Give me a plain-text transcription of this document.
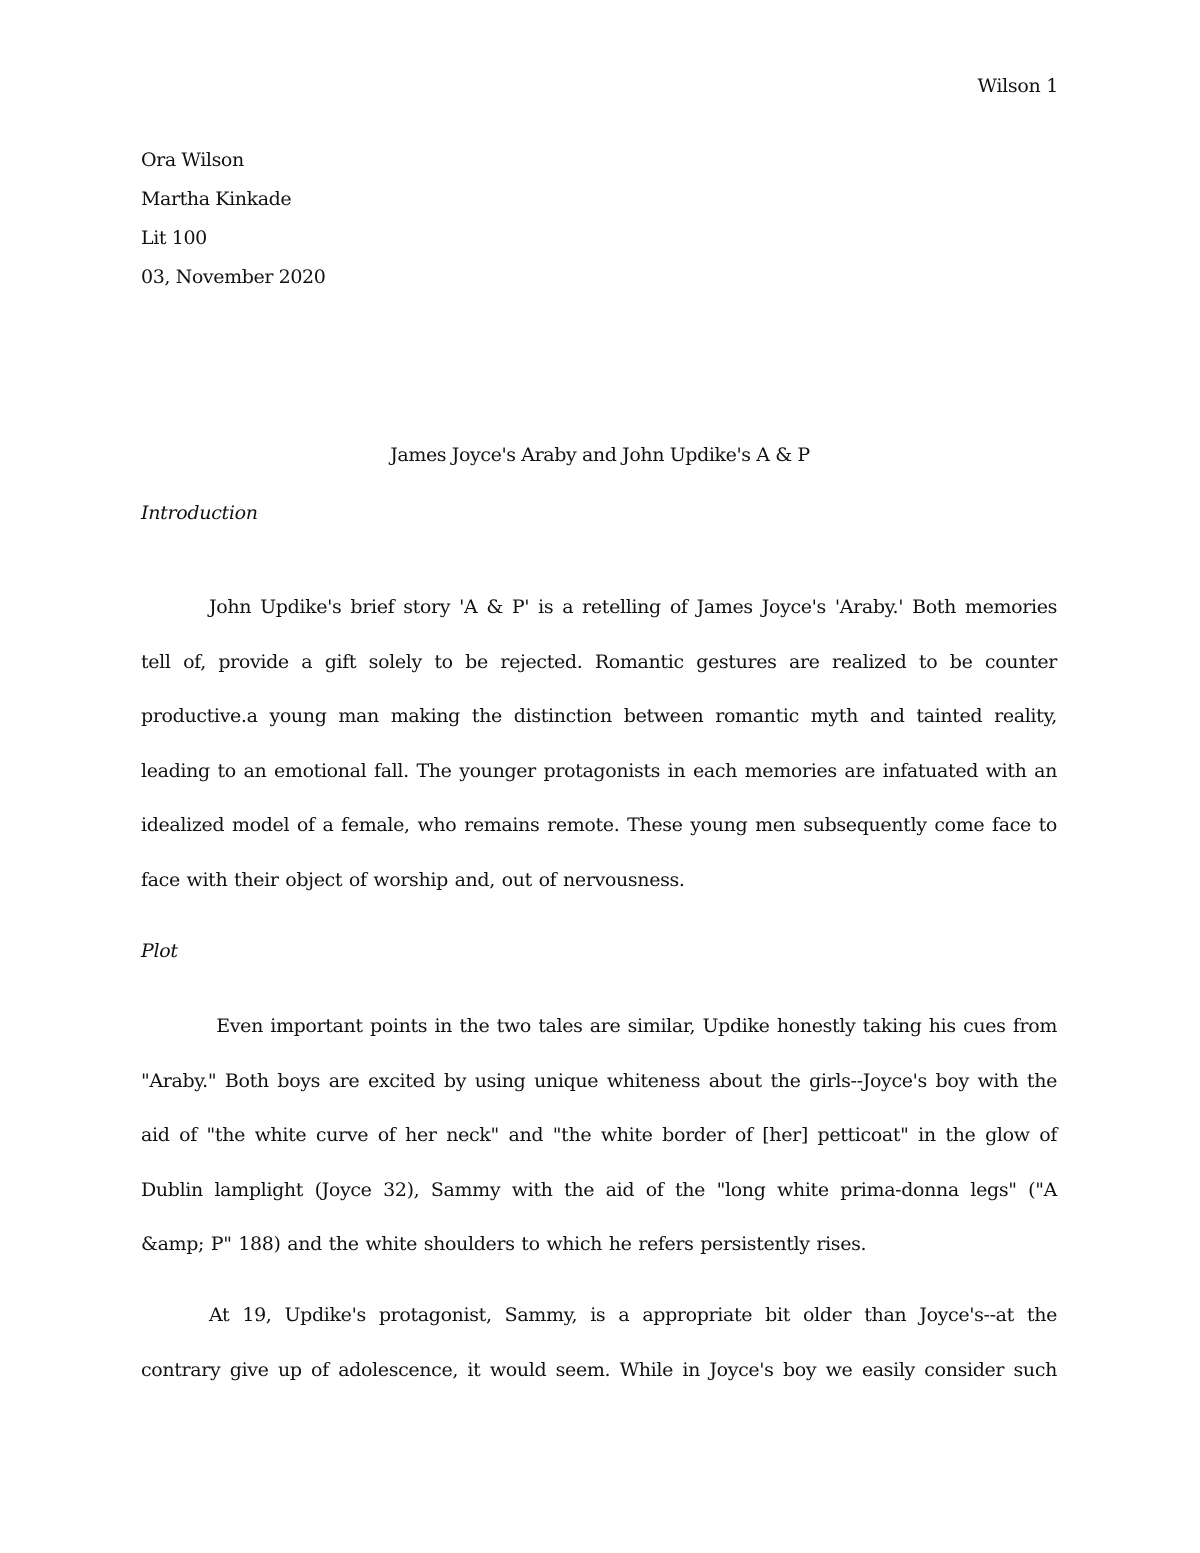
Wilson 1
Ora Wilson
Martha Kinkade
Lit 100
03, November 2020
James Joyce's Araby and John Updike's A & P
Introduction

John Updike's brief story 'A & P' is a retelling of James Joyce's 'Araby.' Both memories tell of, provide a gift solely to be rejected. Romantic gestures are realized to be counter productive.a young man making the distinction between romantic myth and tainted reality, leading to an emotional fall. The younger protagonists in each memories are infatuated with an idealized model of a female, who remains remote. These young men subsequently come face to face with their object of worship and, out of nervousness.

Plot

Even important points in the two tales are similar, Updike honestly taking his cues from "Araby." Both boys are excited by using unique whiteness about the girls--Joyce's boy with the aid of "the white curve of her neck" and "the white border of [her] petticoat" in the glow of Dublin lamplight (Joyce 32), Sammy with the aid of the "long white prima-donna legs" ("A &amp; P" 188) and the white shoulders to which he refers persistently rises.

At 19, Updike's protagonist, Sammy, is a appropriate bit older than Joyce's--at the contrary give up of adolescence, it would seem. While in Joyce's boy we easily consider such
